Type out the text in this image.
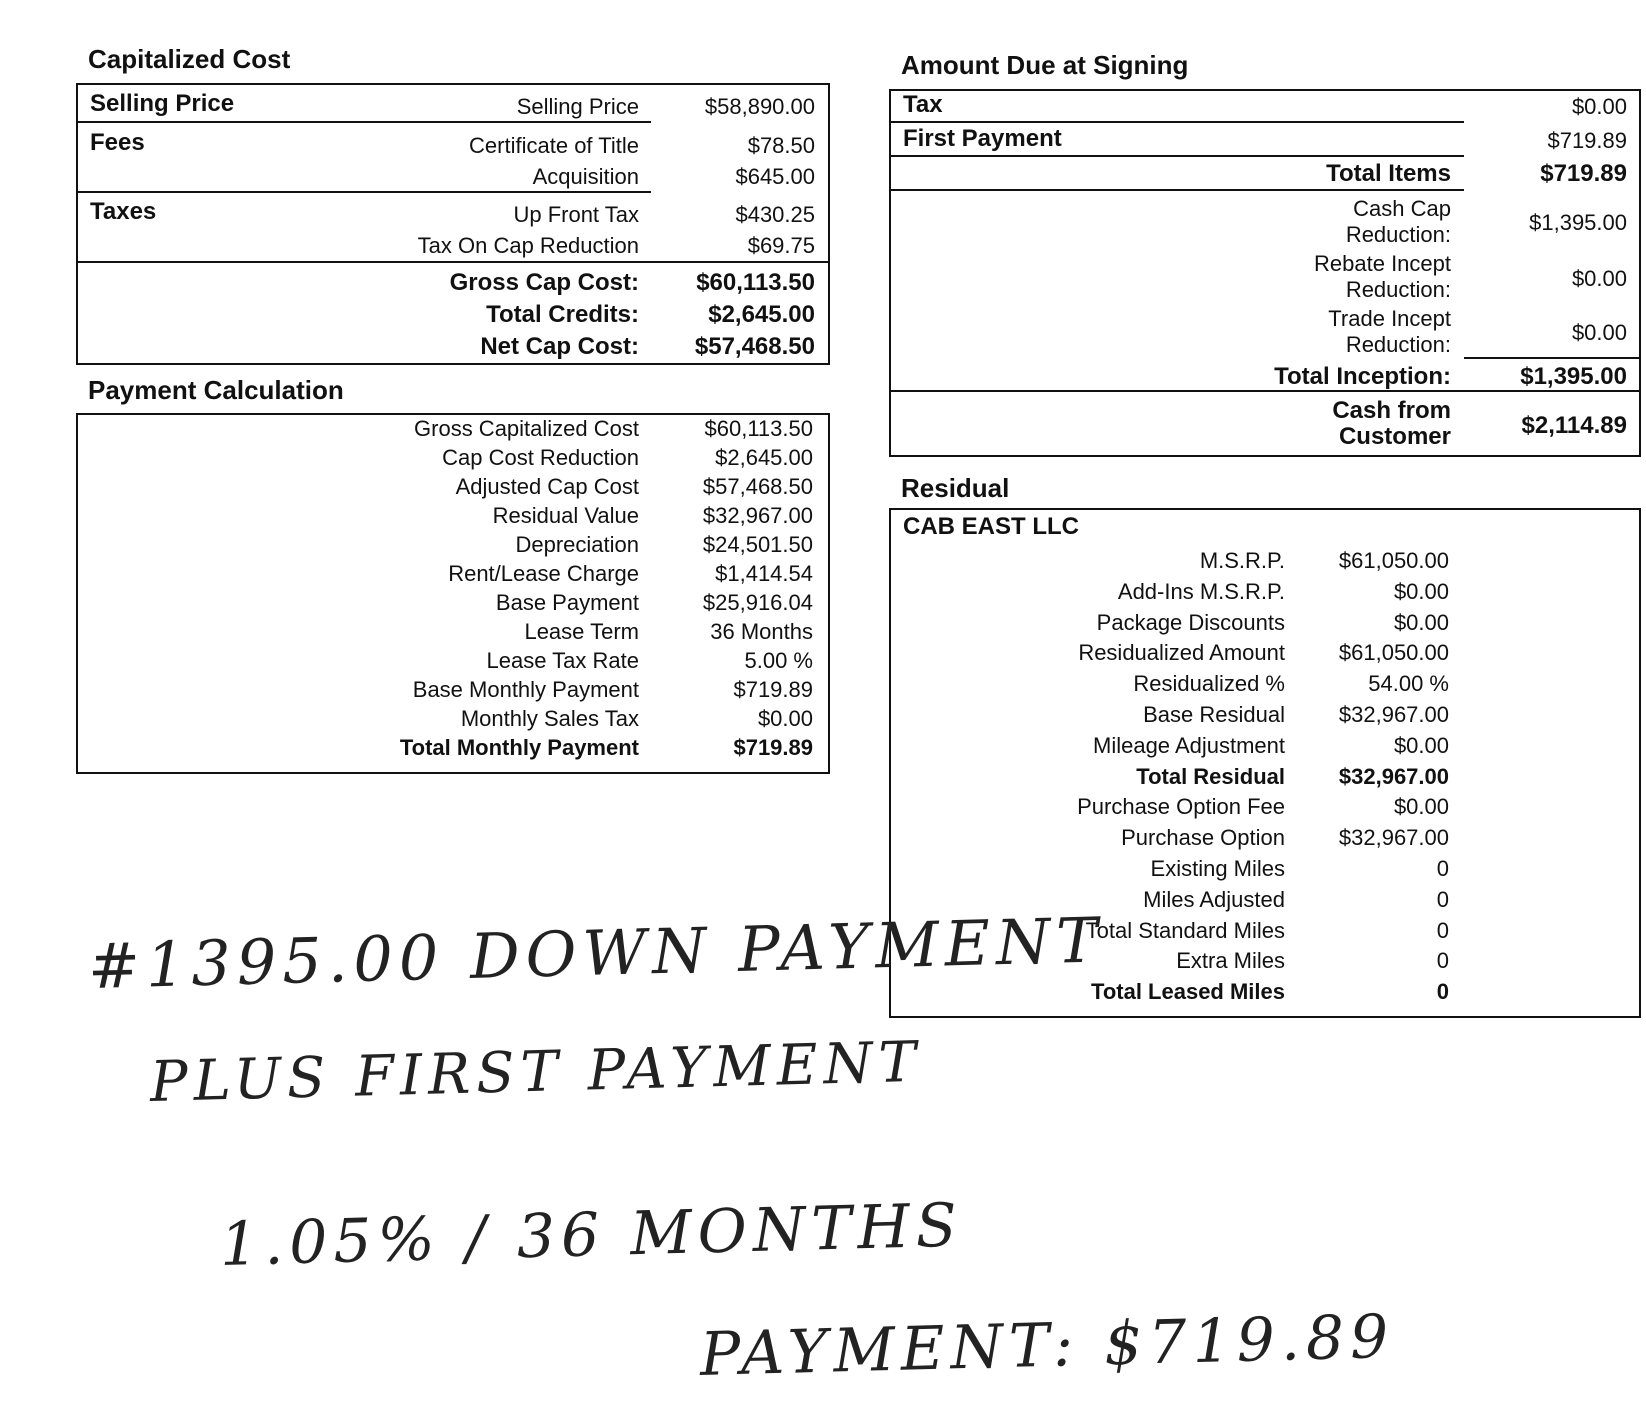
Capitalized Cost
Selling Price	Selling Price	$58,890.00
Fees	Certificate of Title	$78.50
Acquisition	$645.00
Taxes	Up Front Tax	$430.25
Tax On Cap Reduction	$69.75
Gross Cap Cost: $60,113.50
Total Credits:	$2,645.00
Net Cap Cost: $57,468.50
Payment Calculation
Gross Capitalized Cost	$60,113.50
Cap Cost Reduction	$2,645.00
Adjusted Cap Cost	$57,468.50
Residual Value	$32,967.00
Depreciation	$24,501.50
Rent/Lease Charge	$1,414.54
Base Payment	$25,916.04
Lease Term	36 Months
Lease Tax Rate	5.00 %
Base Monthly Payment	$719.89
Monthly Sales Tax	$0.00
Total Monthly Payment	$719.89
Amount Due at Signing
Tax	$0.00
First Payment	$719.89
Total Items	$719.89
Cash Cap
Reduction:	$1,395.00
Rebate Incept
Reduction:	$0.00
Trade Incept
Reduction:	$0.00
Total Inception:	$1,395.00
Cash from
Customer	$2,114.89
Residual
CAB EAST LLC
M.S.R.P. $61,050.00
Add-Ins M.S.R.P.	$0.00
Package Discounts	$0.00
Residualized Amount $61,050.00
Residualized %	54.00 %
Base Residual $32,967.00
Mileage Adjustment	$0.00
Total Residual $32,967.00
Purchase Option Fee	$0.00
Purchase Option $32,967.00
Existing Miles	0
Miles Adjusted	0
Total Standard Miles	0
Extra Miles	0
Total Leased Miles	0
#1395.00 DOWN PAYMENT
PLUS FIRST PAYMENT
1.05% / 36 MONTHS
PAYMENT: $719.89
